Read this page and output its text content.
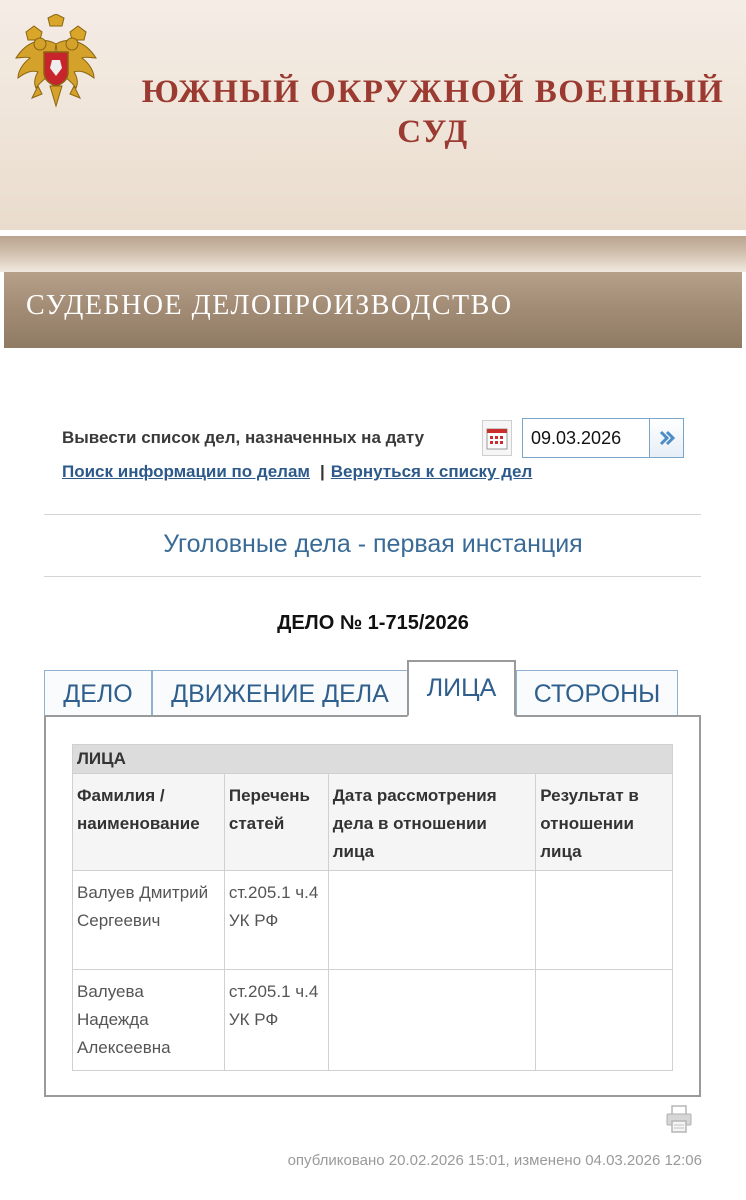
ЮЖНЫЙ ОКРУЖНОЙ ВОЕННЫЙ
СУД
СУДЕБНОЕ ДЕЛОПРОИЗВОДСТВО
Вывести список дел, назначенных на дату
09.03.2026
Поиск информации по делам | Вернуться к списку дел
Уголовные дела - первая инстанция
ДЕЛО № 1-715/2026
ДЕЛО	ДВИЖЕНИЕ ДЕЛА	ЛИЦА	СТОРОНЫ
ЛИЦА			
Фамилия / наименование	Перечень статей	Дата рассмотрения дела в отношении лица	Результат в отношении лица
Валуев Дмитрий Сергеевич	ст.205.1 ч.4 УК РФ		
Валуева Надежда Алексеевна	ст.205.1 ч.4 УК РФ		
опубликовано 20.02.2026 15:01, изменено 04.03.2026 12:06
